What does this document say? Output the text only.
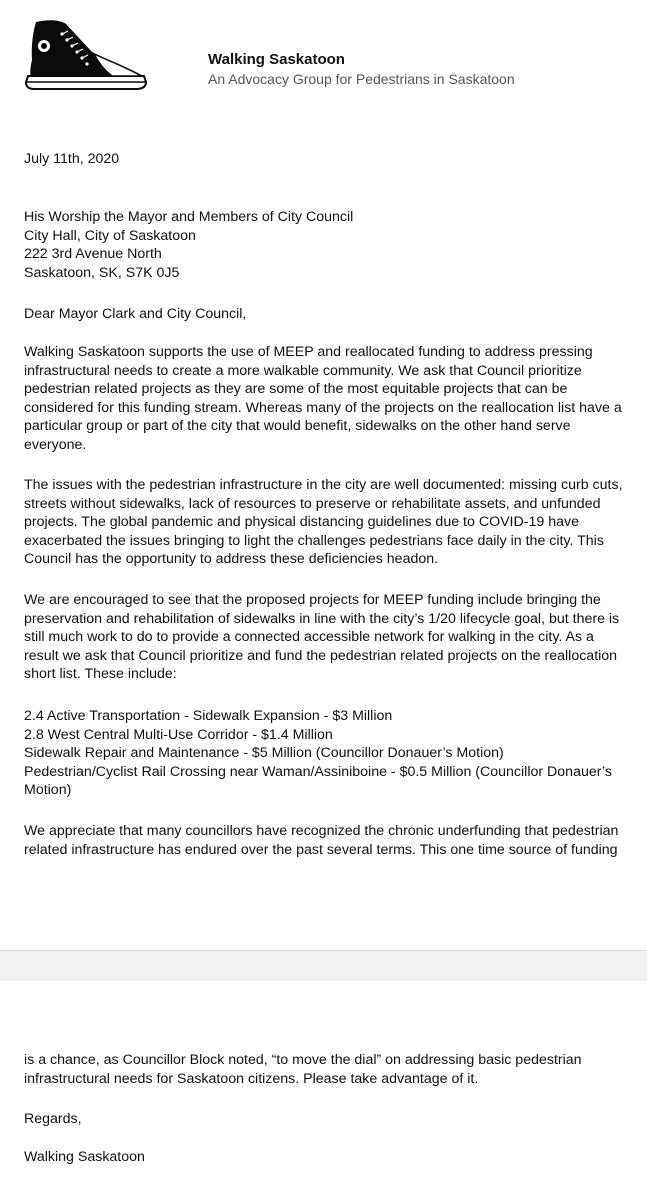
Walking Saskatoon
An Advocacy Group for Pedestrians in Saskatoon

July 11th, 2020

His Worship the Mayor and Members of City Council
City Hall, City of Saskatoon
222 3rd Avenue North
Saskatoon, SK, S7K 0J5

Dear Mayor Clark and City Council,

Walking Saskatoon supports the use of MEEP and reallocated funding to address pressing infrastructural needs to create a more walkable community. We ask that Council prioritize pedestrian related projects as they are some of the most equitable projects that can be considered for this funding stream. Whereas many of the projects on the reallocation list have a particular group or part of the city that would benefit, sidewalks on the other hand serve everyone.

The issues with the pedestrian infrastructure in the city are well documented: missing curb cuts, streets without sidewalks, lack of resources to preserve or rehabilitate assets, and unfunded projects. The global pandemic and physical distancing guidelines due to COVID-19 have exacerbated the issues bringing to light the challenges pedestrians face daily in the city. This Council has the opportunity to address these deficiencies headon.

We are encouraged to see that the proposed projects for MEEP funding include bringing the preservation and rehabilitation of sidewalks in line with the city’s 1/20 lifecycle goal, but there is still much work to do to provide a connected accessible network for walking in the city. As a result we ask that Council prioritize and fund the pedestrian related projects on the reallocation short list. These include:

2.4 Active Transportation - Sidewalk Expansion - $3 Million
2.8 West Central Multi-Use Corridor - $1.4 Million
Sidewalk Repair and Maintenance - $5 Million (Councillor Donauer’s Motion)
Pedestrian/Cyclist Rail Crossing near Waman/Assiniboine - $0.5 Million (Councillor Donauer’s Motion)

We appreciate that many councillors have recognized the chronic underfunding that pedestrian related infrastructure has endured over the past several terms. This one time source of funding

is a chance, as Councillor Block noted, “to move the dial” on addressing basic pedestrian infrastructural needs for Saskatoon citizens. Please take advantage of it.

Regards,

Walking Saskatoon
